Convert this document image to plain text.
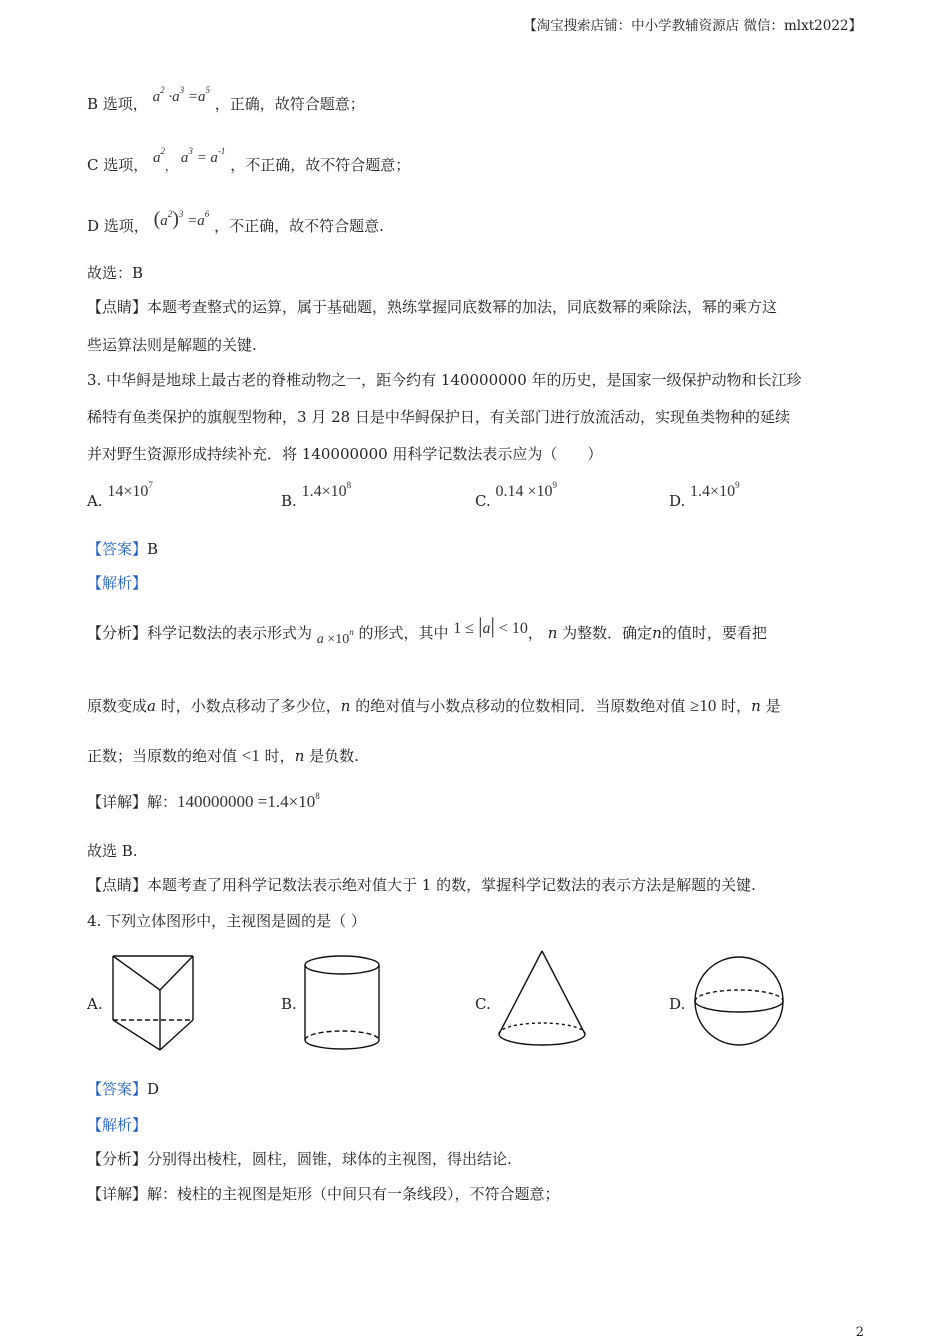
【淘宝搜索店铺：中小学教辅资源店 微信：mlxt2022】
B 选项， $a^2 \cdot a^3 =a^5$ ，正确，故符合题意；
C 选项， $a^2$， $a^3 = a^{-1}$ ，不正确，故不符合题意；
D 选项， $(a^2)^3 =a^6$ ，不正确，故不符合题意.
故选：B
【点睛】本题考查整式的运算，属于基础题，熟练掌握同底数幂的加法，同底数幂的乘除法，幂的乘方这
些运算法则是解题的关键.
3. 中华鲟是地球上最古老的脊椎动物之一，距今约有 140000000 年的历史，是国家一级保护动物和长江珍
稀特有鱼类保护的旗舰型物种，3 月 28 日是中华鲟保护日，有关部门进行放流活动，实现鱼类物种的延续
并对野生资源形成持续补充．将 140000000 用科学记数法表示应为（　　）
A. $14\times 10^7$
B. $1.4\times 10^8$
C. $0.14 \times 10^9$
D. $1.4\times 10^9$
【答案】B
【解析】
【分析】科学记数法的表示形式为 $a \times 10^n$ 的形式，其中 1 ≤ |a| < 10， n 为整数．确定n的值时，要看把
原数变成a 时，小数点移动了多少位，n 的绝对值与小数点移动的位数相同．当原数绝对值 ≥10 时，n 是
正数；当原数的绝对值 <1 时，n 是负数.
【详解】解：$140000000 =1.4\times 10^8$
故选 B.
【点睛】本题考查了用科学记数法表示绝对值大于 1 的数，掌握科学记数法的表示方法是解题的关键.
4. 下列立体图形中，主视图是圆的是（ ）
A.	B.	C.	D.
【答案】D
【解析】
【分析】分别得出棱柱，圆柱，圆锥，球体的主视图，得出结论.
【详解】解：棱柱的主视图是矩形（中间只有一条线段），不符合题意；
2
